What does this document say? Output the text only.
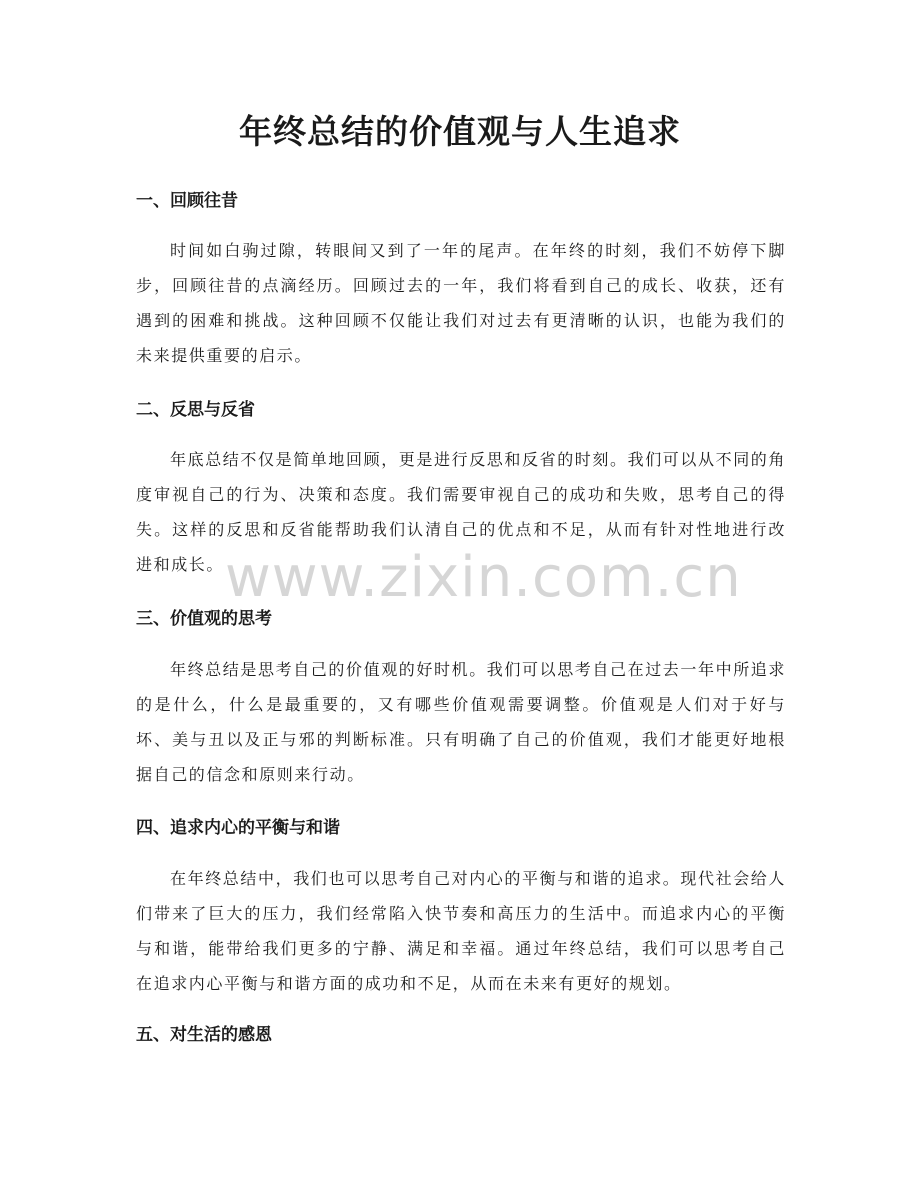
年终总结的价值观与人生追求
一、回顾往昔

时间如白驹过隙，转眼间又到了一年的尾声。在年终的时刻，我们不妨停下脚步，回顾往昔的点滴经历。回顾过去的一年，我们将看到自己的成长、收获，还有遇到的困难和挑战。这种回顾不仅能让我们对过去有更清晰的认识，也能为我们的未来提供重要的启示。

二、反思与反省

年底总结不仅是简单地回顾，更是进行反思和反省的时刻。我们可以从不同的角度审视自己的行为、决策和态度。我们需要审视自己的成功和失败，思考自己的得失。这样的反思和反省能帮助我们认清自己的优点和不足，从而有针对性地进行改进和成长。

三、价值观的思考

年终总结是思考自己的价值观的好时机。我们可以思考自己在过去一年中所追求的是什么，什么是最重要的，又有哪些价值观需要调整。价值观是人们对于好与坏、美与丑以及正与邪的判断标准。只有明确了自己的价值观，我们才能更好地根据自己的信念和原则来行动。

四、追求内心的平衡与和谐

在年终总结中，我们也可以思考自己对内心的平衡与和谐的追求。现代社会给人们带来了巨大的压力，我们经常陷入快节奏和高压力的生活中。而追求内心的平衡与和谐，能带给我们更多的宁静、满足和幸福。通过年终总结，我们可以思考自己在追求内心平衡与和谐方面的成功和不足，从而在未来有更好的规划。

五、对生活的感恩
www.zixin.com.cn
